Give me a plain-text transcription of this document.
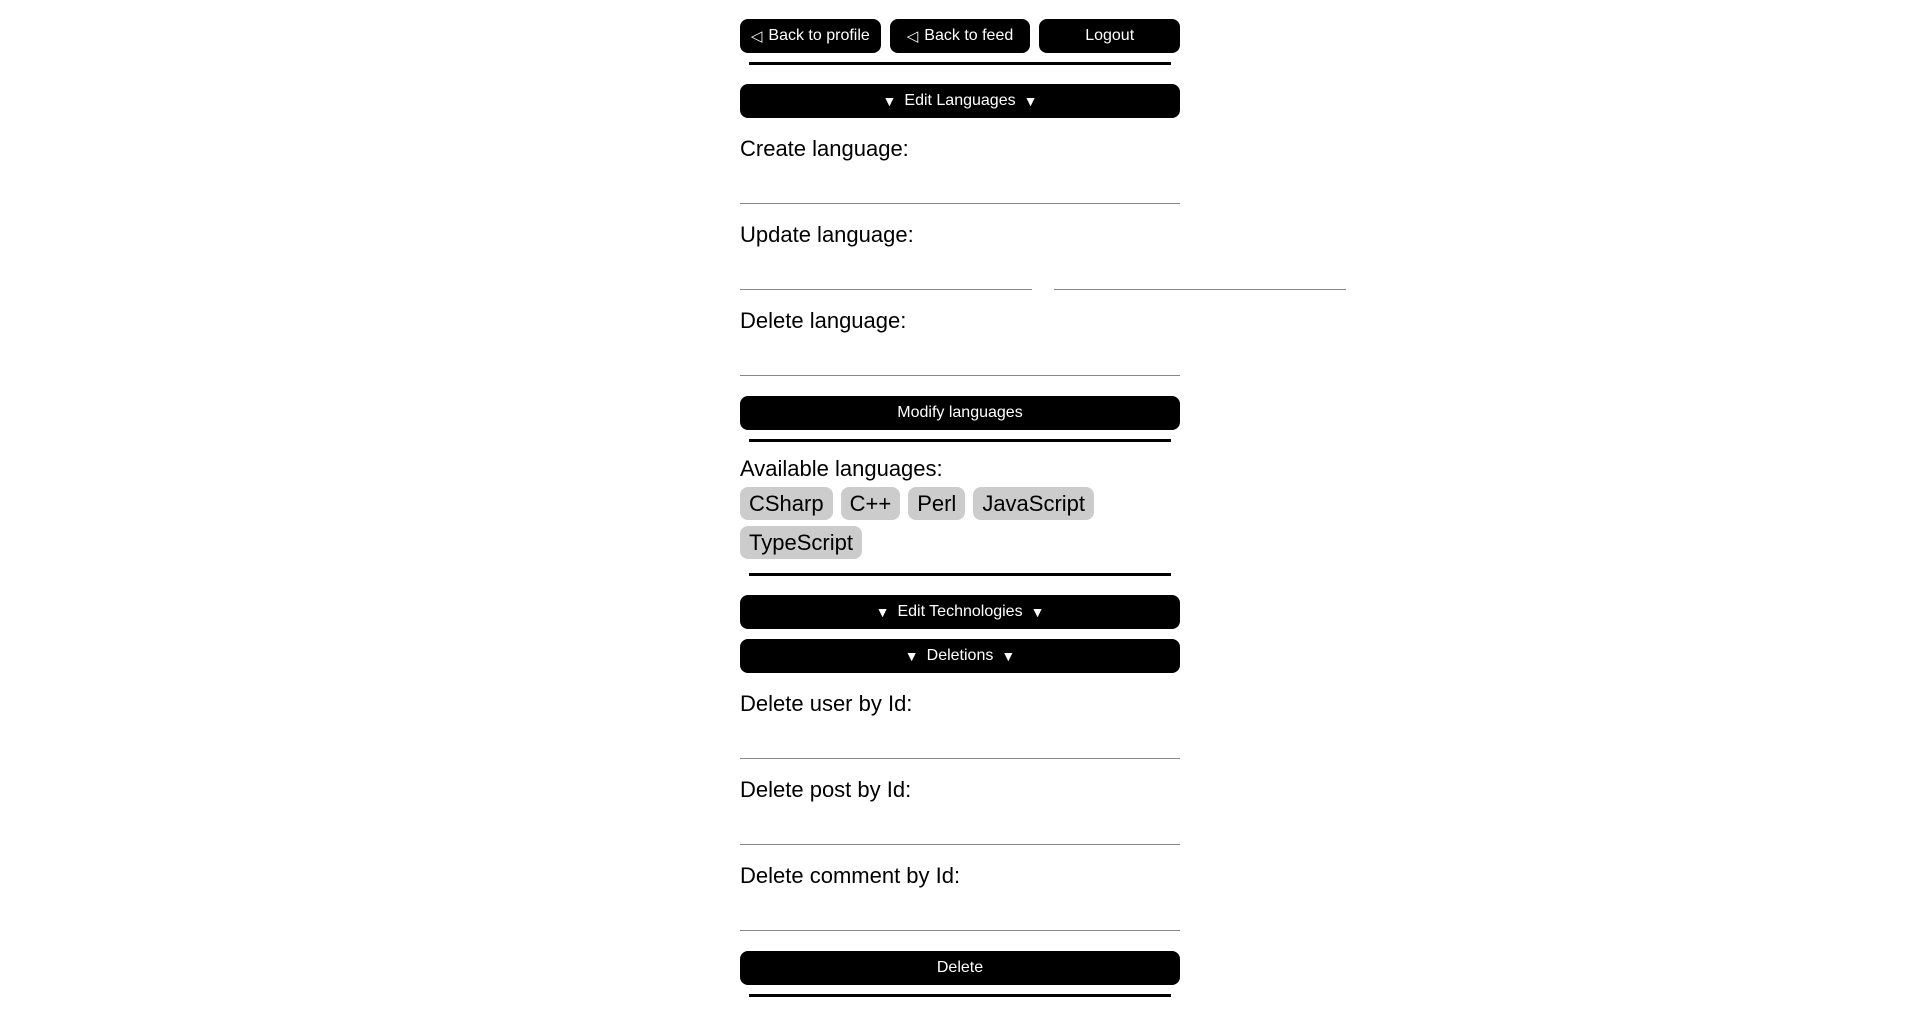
◁ Back to profile ◁ Back to feed	Logout
▼ Edit Languages ▼
Create language:
Update language:
Delete language:
Modify languages
Available languages:
CSharp	C++	Perl	JavaScript
TypeScript
▼ Edit Technologies ▼
▼ Deletions ▼
Delete user by Id:
Delete post by Id:
Delete comment by Id:
Delete
